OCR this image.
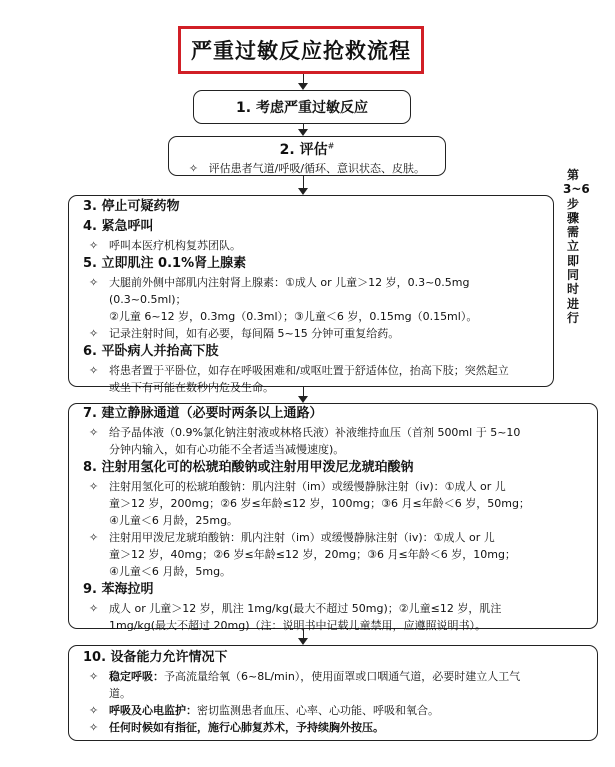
严重过敏反应抢救流程
1. 考虑严重过敏反应
2. 评估#
✧   评估患者气道/呼吸/循环、意识状态、皮肤。	第
3~6
步
骤
需
立
即
同
时
进
行
3. 停止可疑药物
4. 紧急呼叫
✧ 呼叫本医疗机构复苏团队。
5. 立即肌注 0.1%肾上腺素
✧ 大腿前外侧中部肌内注射肾上腺素：①成人 or 儿童＞12 岁，0.3~0.5mg (0.3~0.5ml)；
②儿童 6~12 岁，0.3mg（0.3ml）；③儿童＜6 岁，0.15mg（0.15ml）。
✧ 记录注射时间，如有必要，每间隔 5~15 分钟可重复给药。
6. 平卧病人并抬高下肢
✧ 将患者置于平卧位，如存在呼吸困难和/或呕吐置于舒适体位，抬高下肢；突然起立
或坐下有可能在数秒内危及生命。
7. 建立静脉通道（必要时两条以上通路）
✧ 给予晶体液（0.9%氯化钠注射液或林格氏液）补液维持血压（首剂 500ml 于 5~10
分钟内输入，如有心功能不全者适当减慢速度)。
8. 注射用氢化可的松琥珀酸钠或注射用甲泼尼龙琥珀酸钠
✧ 注射用氢化可的松琥珀酸钠：肌内注射（im）或缓慢静脉注射（iv)：①成人 or 儿
童＞12 岁，200mg；②6 岁≤年龄≤12 岁，100mg；③6 月≤年龄＜6 岁，50mg；
④儿童＜6 月龄，25mg。
✧ 注射用甲泼尼龙琥珀酸钠：肌内注射（im）或缓慢静脉注射（iv)：①成人 or 儿
童＞12 岁，40mg；②6 岁≤年龄≤12 岁，20mg；③6 月≤年龄＜6 岁，10mg；
④儿童＜6 月龄，5mg。
9. 苯海拉明
✧ 成人 or 儿童＞12 岁，肌注 1mg/kg(最大不超过 50mg)；②儿童≤12 岁，肌注
1mg/kg(最大不超过 20mg)（注：说明书中记载儿童禁用，应遵照说明书）。
10. 设备能力允许情况下
✧ 稳定呼吸：予高流量给氧（6~8L/min），使用面罩或口咽通气道，必要时建立人工气
道。
✧ 呼吸及心电监护：密切监测患者血压、心率、心功能、呼吸和氧合。
✧ 任何时候如有指征，施行心肺复苏术，予持续胸外按压。
